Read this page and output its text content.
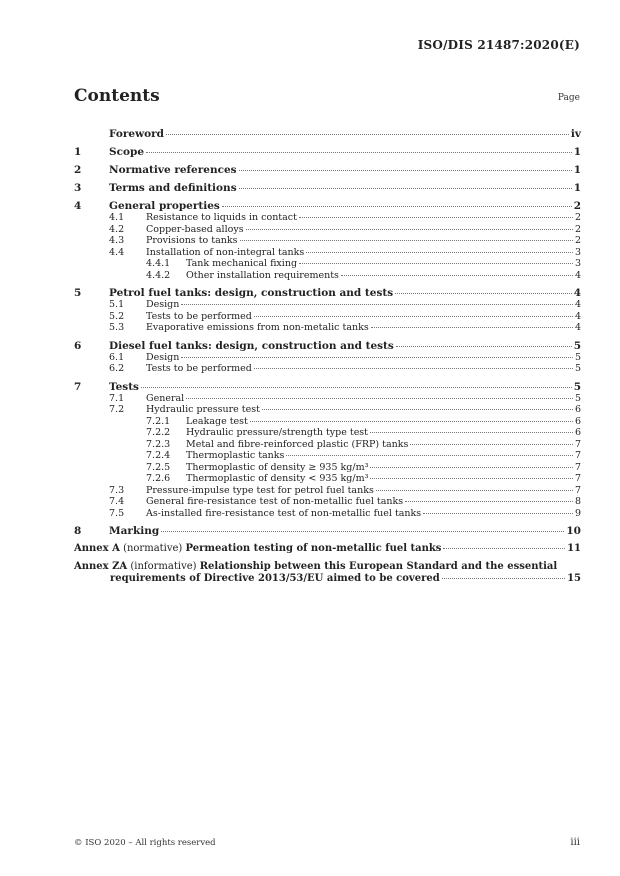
ISO/DIS 21487:2020(E)
Contents	Page
Foreword	iv
1	Scope	1
2	Normative references	1
3	Terms and definitions	1
4	General properties	2
4.1	Resistance to liquids in contact	2
4.2	Copper-based alloys	2
4.3	Provisions to tanks	2
4.4	Installation of non-integral tanks	3
4.4.1	Tank mechanical fixing	3
4.4.2	Other installation requirements	4
5	Petrol fuel tanks: design, construction and tests	4
5.1	Design	4
5.2	Tests to be performed	4
5.3	Evaporative emissions from non-metalic tanks	4
6	Diesel fuel tanks: design, construction and tests	5
6.1	Design	5
6.2	Tests to be performed	5
7	Tests	5
7.1	General	5
7.2	Hydraulic pressure test	6
7.2.1	Leakage test	6
7.2.2	Hydraulic pressure/strength type test	6
7.2.3	Metal and fibre-reinforced plastic (FRP) tanks	7
7.2.4	Thermoplastic tanks	7
7.2.5	Thermoplastic of density ≥ 935 kg/m³	7
7.2.6	Thermoplastic of density < 935 kg/m³	7
7.3	Pressure-impulse type test for petrol fuel tanks	7
7.4	General fire-resistance test of non-metallic fuel tanks	8
7.5	As-installed fire-resistance test of non-metallic fuel tanks	9
8	Marking	10
Annex A (normative) Permeation testing of non-metallic fuel tanks	11
Annex ZA (informative) Relationship between this European Standard and the essential
requirements of Directive 2013/53/EU aimed to be covered	15
© ISO 2020 – All rights reserved	iii
